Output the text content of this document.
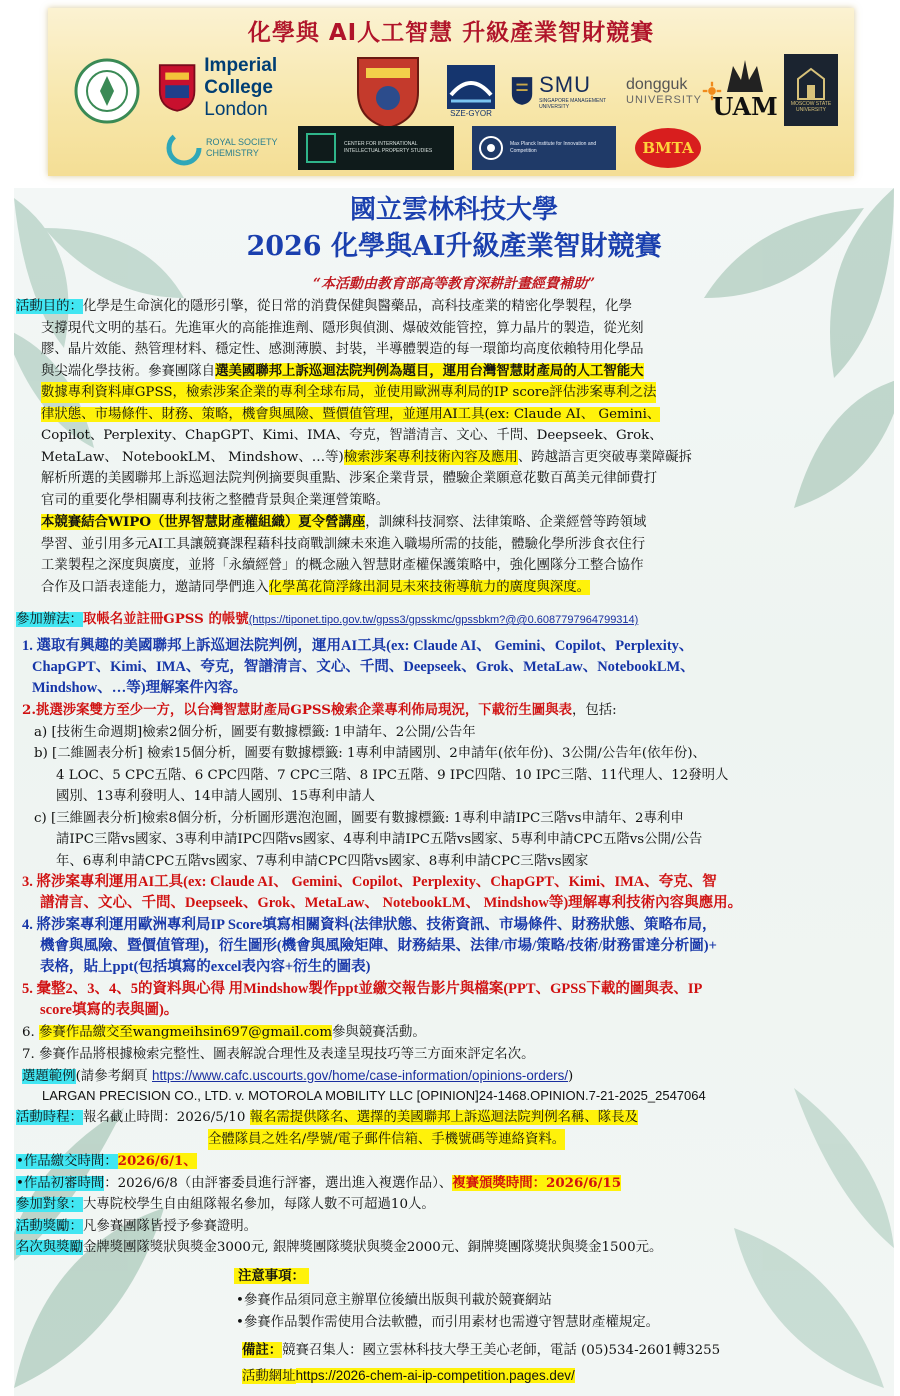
化學與 AI人工智慧 升級產業智財競賽
Imperial College
London	SZE-GYOR
SMU
SINGAPORE MANAGEMENT UNIVERSITY
dongguk
UNIVERSITY UAM	MOSCOW STATE UNIVERSITY
ROYAL SOCIETY
CHEMISTRY
CENTER FOR INTERNATIONAL INTELLECTUAL PROPERTY STUDIES
Max Planck Institute for Innovation and Competition	BMTA
國立雲林科技大學
2026 化學與AI升級產業智財競賽
“本活動由教育部高等教育深耕計畫經費補助”
活動目的：化學是生命演化的隱形引擎，從日常的消費保健與醫藥品，高科技產業的精密化學製程，化學
支撐現代文明的基石。先進軍火的高能推進劑、隱形與偵測、爆破效能管控，算力晶片的製造，從光刻
膠、晶片效能、熱管理材料、穩定性、感測薄膜、封裝，半導體製造的每一環節均高度依賴特用化學品
與尖端化學技術。參賽團隊自選美國聯邦上訴巡迴法院判例為題目，運用台灣智慧財產局的人工智能大
數據專利資料庫GPSS，檢索涉案企業的專利全球布局，並使用歐洲專利局的IP score評估涉案專利之法
律狀態、市場條件、財務、策略，機會與風險、暨價值管理，並運用AI工具(ex: Claude AI、 Gemini、
Copilot、Perplexity、ChapGPT、Kimi、IMA、夸克，智譜清言、文心、千問、Deepseek、Grok、
MetaLaw、 NotebookLM、 Mindshow、…等)檢索涉案專利技術內容及應用、跨越語言更突破專業障礙拆
解析所選的美國聯邦上訴巡迴法院判例摘要與重點、涉案企業背景，體驗企業願意花數百萬美元律師費打
官司的重要化學相關專利技術之整體背景與企業運營策略。
本競賽結合WIPO（世界智慧財產權組織）夏令營講座，訓練科技洞察、法律策略、企業經營等跨領域
學習、並引用多元AI工具讓競賽課程藉科技商戰訓練未來進入職場所需的技能，體驗化學所涉食衣住行
工業製程之深度與廣度，並將「永續經營」的概念融入智慧財產權保護策略中，強化團隊分工整合協作
合作及口語表達能力，邀請同學們進入化學萬花筒浮緣出洞見未來技術導航力的廣度與深度。
參加辦法：取帳名並註冊GPSS 的帳號(https://tiponet.tipo.gov.tw/gpss3/gpsskmc/gpssbkm?@@0.6087797964799314)
1. 選取有興趣的美國聯邦上訴巡迴法院判例，運用AI工具(ex: Claude AI、 Gemini、Copilot、Perplexity、
ChapGPT、Kimi、IMA、夸克，智譜清言、文心、千問、Deepseek、Grok、MetaLaw、NotebookLM、
Mindshow、…等)理解案件內容。
2.挑選涉案雙方至少一方，以台灣智慧財產局GPSS檢索企業專利佈局現況，下載衍生圖與表，包括:
a) [技術生命週期]檢索2個分析，圖要有數據標籤: 1申請年、2公開/公告年
b) [二維圖表分析] 檢索15個分析，圖要有數據標籤: 1專利申請國別、2申請年(依年份)、3公開/公告年(依年份)、
4 LOC、5 CPC五階、6 CPC四階、7 CPC三階、8 IPC五階、9 IPC四階、10 IPC三階、11代理人、12發明人
國別、13專利發明人、14申請人國別、15專利申請人
c) [三維圖表分析]檢索8個分析，分析圖形選泡泡圖，圖要有數據標籤: 1專利申請IPC三階vs申請年、2專利申
請IPC三階vs國家、3專利申請IPC四階vs國家、4專利申請IPC五階vs國家、5專利申請CPC五階vs公開/公告
年、6專利申請CPC五階vs國家、7專利申請CPC四階vs國家、8專利申請CPC三階vs國家
3. 將涉案專利運用AI工具(ex: Claude AI、 Gemini、Copilot、Perplexity、ChapGPT、Kimi、IMA、夸克、智
譜清言、文心、千問、Deepseek、Grok、MetaLaw、 NotebookLM、 Mindshow等)理解專利技術內容與應用。
4. 將涉案專利運用歐洲專利局IP Score填寫相關資料(法律狀態、技術資訊、市場條件、財務狀態、策略布局，
機會與風險、暨價值管理)，衍生圖形(機會與風險矩陣、財務結果、法律/市場/策略/技術/財務雷達分析圖)+
表格，貼上ppt(包括填寫的excel表內容+衍生的圖表)
5. 彙整2、3、4、5的資料與心得 用Mindshow製作ppt並繳交報告影片與檔案(PPT、GPSS下載的圖與表、IP
score填寫的表與圖)。
6. 參賽作品繳交至wangmeihsin697@gmail.com參與競賽活動。
7. 參賽作品將根據檢索完整性、圖表解說合理性及表達呈現技巧等三方面來評定名次。
選題範例(請參考網頁 https://www.cafc.uscourts.gov/home/case-information/opinions-orders/)
LARGAN PRECISION CO., LTD. v. MOTOROLA MOBILITY LLC [OPINION]24-1468.OPINION.7-21-2025_2547064
活動時程：報名截止時間：2026/5/10 報名需提供隊名、選擇的美國聯邦上訴巡迴法院判例名稱、隊長及
全體隊員之姓名/學號/電子郵件信箱、手機號碼等連絡資料。
•作品繳交時間：2026/6/1、
•作品初審時間：2026/6/8（由評審委員進行評審，選出進入複選作品）、複賽頒獎時間：2026/6/15
參加對象：大專院校學生自由組隊報名參加，每隊人數不可超過10人。
活動獎勵：凡參賽團隊皆授予參賽證明。
名次與獎勵金牌獎團隊獎狀與獎金3000元, 銀牌獎團隊獎狀與獎金2000元、銅牌獎團隊獎狀與獎金1500元。
注意事項：
•參賽作品須同意主辦單位後續出版與刊載於競賽網站
•參賽作品製作需使用合法軟體，而引用素材也需遵守智慧財產權規定。
備註：競賽召集人：國立雲林科技大學王美心老師，電話 (05)534-2601轉3255
活動網址https://2026-chem-ai-ip-competition.pages.dev/
